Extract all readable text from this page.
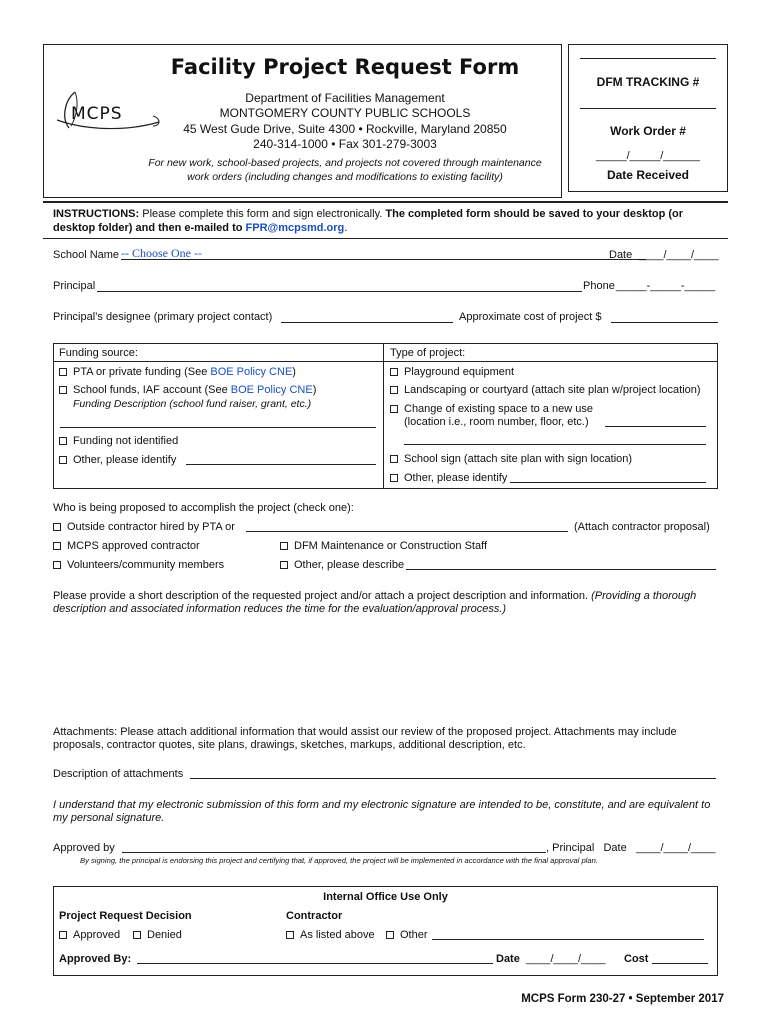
MCPS
Facility Project Request Form
Department of Facilities Management
MONTGOMERY COUNTY PUBLIC SCHOOLS
45 West Gude Drive, Suite 4300 • Rockville, Maryland 20850
240-314-1000 • Fax 301-279-3003
For new work, school-based projects, and projects not covered through maintenance work orders (including changes and modifications to existing facility)
DFM TRACKING #
Work Order #
_____/_____/______
Date Received
INSTRUCTIONS: Please complete this form and sign electronically. The completed form should be saved to your desktop (or desktop folder) and then e-mailed to FPR@mcpsmd.org.
School Name -- Choose One --	Date ____/____/____
Principal	Phone _____-_____-_____
Principal’s designee (primary project contact)	Approximate cost of project $
Funding source:
PTA or private funding (See BOE Policy CNE)
School funds, IAF account (See BOE Policy CNE)
Funding Description (school fund raiser, grant, etc.)
Funding not identified
Other, please identify
Type of project:
Playground equipment
Landscaping or courtyard (attach site plan w/project location)
Change of existing space to a new use
(location i.e., room number, floor, etc.)
School sign (attach site plan with sign location)
Other, please identify
Who is being proposed to accomplish the project (check one):
Outside contractor hired by PTA or	(Attach contractor proposal)
MCPS approved contractor	DFM Maintenance or Construction Staff
Volunteers/community members	Other, please describe
Please provide a short description of the requested project and/or attach a project description and information. (Providing a thorough description and associated information reduces the time for the evaluation/approval process.)
Attachments: Please attach additional information that would assist our review of the proposed project. Attachments may include proposals, contractor quotes, site plans, drawings, sketches, markups, additional description, etc.
Description of attachments
I understand that my electronic submission of this form and my electronic signature are intended to be, constitute, and are equivalent to my personal signature.
Approved by	, Principal   Date ____/____/____
By signing, the principal is endorsing this project and certifying that, if approved, the project will be implemented in accordance with the final approval plan.
Internal Office Use Only
Project Request Decision
Approved	Denied
Contractor
As listed above	Other
Approved By:	Date ____/____/____ Cost
MCPS Form 230-27 • September 2017
